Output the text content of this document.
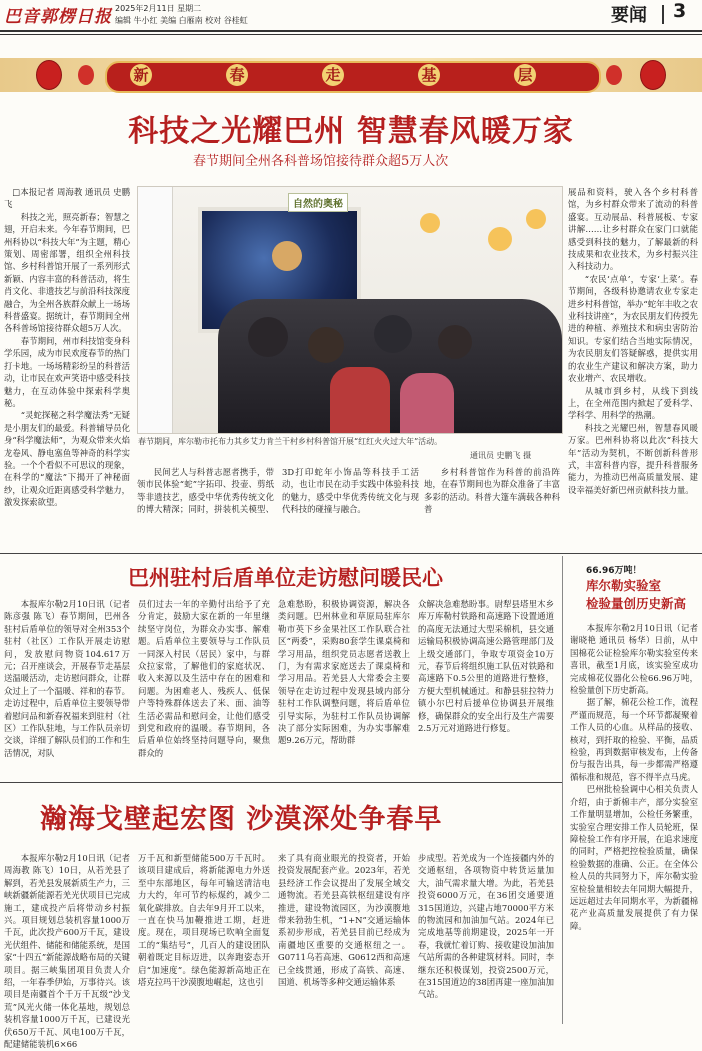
巴音郭楞日报 2025年2月11日 星期二
编辑 牛小红 美编 白雁南 校对 谷桂虹	要闻 3
新	春	走	基	层
科技之光耀巴州 智慧春风暖万家
春节期间全州各科普场馆接待群众超5万人次

□本报记者 周海教 通讯员 史鹏飞

科技之光，照亮新春；智慧之翅，开启未来。今年春节期间，巴州科协以“科技大年”为主题，精心策划、周密部署，组织全州科技馆、乡村科普馆开展了一系列形式新颖、内容丰富的科普活动，将生肖文化、非遗技艺与前沿科技深度融合，为全州各族群众献上一场场科普盛宴。据统计，春节期间全州各科普场馆接待群众超5万人次。

春节期间，州市科技馆变身科学乐园，成为市民欢度春节的热门打卡地。一场场精彩纷呈的科普活动，让市民在欢声笑语中感受科技魅力，在互动体验中探索科学奥秘。

“灵蛇探秘之科学魔法秀”无疑是小朋友们的最爱。科普辅导员化身“科学魔法师”，为观众带来火焰龙卷风、静电塞鱼等神奇的科学实验。一个个看似不可思议的现象，在科学的“魔法”下揭开了神秘面纱，让观众近距离感受科学魅力，激发探索欲望。

自然的奥秘
春节期间，库尔勒市托布力其乡艾力肯兰干村乡村科普馆开展“红红火火过大年”活动。
通讯员 史鹏飞 摄

民间艺人与科普志愿者携手，带领市民体验“蛇”字拓印、投壶、剪纸等非遗技艺，感受中华优秀传统文化的博大精深；同时，拼装机关模型、3D打印蛇年小饰品等科技手工活动，也让市民在动手实践中体验科技的魅力，感受中华优秀传统文化与现代科技的碰撞与融合。

乡村科普馆作为科普的前沿阵地，在春节期间也为群众准备了丰富多彩的活动。科普大篷车满载各种科普

展品和资料，驶入各个乡村科普馆，为乡村群众带来了流动的科普盛宴。互动展品、科普展板、专家讲解……让乡村群众在家门口就能感受到科技的魅力，了解最新的科技成果和农业技术，为乡村振兴注入科技动力。

“农民‘点单’，专家‘上菜’。春节期间，各级科协邀请农业专家走进乡村科普馆，举办“蛇年丰收之农业科技讲座”，为农民朋友们传授先进的种植、养殖技术和病虫害防治知识。专家们结合当地实际情况，为农民朋友们答疑解惑，提供实用的农业生产建议和解决方案，助力农业增产、农民增收。

从城市到乡村，从线下到线上，在全州范围内掀起了爱科学、学科学、用科学的热潮。

科技之光耀巴州，智慧春风暖万家。巴州科协将以此次“科技大年”活动为契机，不断创新科普形式，丰富科普内容，提升科普服务能力，为推动巴州高质量发展、建设幸福美好新巴州贡献科技力量。

巴州驻村后盾单位走访慰问暖民心

本报库尔勒2月10日讯（记者 陈彦强 陈飞）春节期间，巴州各驻村后盾单位的领导对全州353个驻村（社区）工作队开展走访慰问，发放慰问物资104.617万元；召开座谈会，开展春节走基层送温暖活动，走访慰问群众，让群众过上了一个温暖、祥和的春节。走访过程中，后盾单位主要领导带着慰问品和新春祝福来到驻村（社区）工作队驻地，与工作队员亲切交谈，详细了解队员们的工作和生活情况，对队

员们过去一年的辛勤付出给予了充分肯定，鼓励大家在新的一年里继续坚守岗位，为群众办实事、解难题。后盾单位主要领导与工作队员一同深入村民（居民）家中，与群众拉家常，了解他们的家庭状况、收入来源以及生活中存在的困难和问题。为困难老人、残疾人、低保户等特殊群体送去了米、面、油等生活必需品和慰问金，让他们感受到党和政府的温暖。春节期间，各后盾单位始终坚持问题导向，聚焦群众的

急难愁盼，积极协调资源，解决各类问题。巴州林业和草原局驻库尔勒市英下乡金果社区工作队联合社区“两委”，采购80套学生课桌椅和学习用品，组织党员志愿者送教上门，为有需求家庭送去了课桌椅和学习用品。若羌县人大常委会主要领导在走访过程中发现县域内部分驻村工作队调整问题，将后盾单位引导实际，为驻村工作队员协调解决了部分实际困难，为办实事解难题9.26万元，帮助群

众解决急难愁盼事。尉犁县塔里木乡库万库勒村铁路和高速路下设置通道的高度无法通过大型采棉机，县交通运输局积极协调高速公路管理部门及上级交通部门，争取专项资金10万元，春节后将组织施工队伍对铁路和高速路下0.5公里的道路进行整修，方便大型机械通过。和静县驻拉特力镇小尔巴村后援单位协调县开展维修，确保群众的安全出行及生产需要2.5万元对道路进行修复。

66.96万吨！
库尔勒实验室
检验量创历史新高

本报库尔勒2月10日讯（记者 谢晓艳 通讯员 杨华）日前，从中国棉花公证检验库尔勒实验室传来喜讯，截至1月底，该实验室成功完成棉花仪器化公检66.96万吨，检验量创下历史新高。

据了解，棉花公检工作，流程严谨而规范，每一个环节都凝聚着工作人员的心血。从样品的接收、核对，到扦取的检验、平衡，品质检验，再到数据审核发布，上传备份与报告出具，每一步都需严格遵循标准和规范，容不得半点马虎。

巴州批检验调中心相关负责人介绍，由于新棉丰产，部分实验室工作量明显增加，公检任务繁重，实验室合理安排工作人员轮班，保障检验工作有序开展，在追求速度的同时，严格把控检验质量，确保检验数据的准确、公正。在全体公检人员的共同努力下，库尔勒实验室检验量相较去年同期大幅提升，远远超过去年同期水平，为新疆棉花产业高质量发展提供了有力保障。

瀚海戈壁起宏图 沙漠深处争春早

本报库尔勒2月10日讯（记者 周海教 陈飞）10日，从若羌县了解到，若羌县发展新质生产力，三峡新疆新能源若羌光伏项目已完成施工，建成投产后将带动乡村振兴。项目规划总装机容量1000万千瓦，此次投产600万千瓦，建设光伏组件、储能和储能系统，是国家“十四五”新能源战略布局的关键项目。据三峡集团项目负责人介绍，一年春季伊始，万事待兴。该项目是南疆首个千万千瓦级“沙戈荒”风光火储一体化基地，规划总装机容量1000万千瓦，已建设光伏650万千瓦、风电100万千瓦，配建储能装机6×66

万千瓦和新型储能500万千瓦时。该项目建成后，将新能源电力外送至中东部地区，每年可输送清洁电力大约，年可节约标煤约，减少二氧化碳排放。自去年9月开工以来，一直在快马加鞭推进工期，赶进度。现在，项目现场已吹响全面复工的“集结号”，几百人的建设团队朝着既定目标迈进，以奔跑姿态开启“加速度”。绿色能源新高地正在塔克拉玛干沙漠腹地崛起，这也引

来了具有商业眼光的投资者，开始投资发展配套产业。2023年，若羌县经济工作会议提出了发展全域交通物流。若羌县高铁枢纽建设有序推进，建设物流园区，为沙漠腹地带来勃勃生机，“1+N”交通运输体系初步形成，若羌县目前已经成为南疆地区重要的交通枢纽之一。G0711乌若高速、G0612西和高速已全线贯通，形成了高铁、高速、国道、机场等多种交通运输体系

步成型。若羌成为一个连接疆内外的交通枢纽，各项物资中转货运量加大，油气需求量大增。为此，若羌县投资6000万元，在36团交通要道315国道边，兴建占地70000平方米的物流园和加油加气站。2024年已完成地基等前期建设，2025年一开春，我就忙着订购、接收建设加油加气站所需的各种建筑材料。同时，李继东还积极谋划，投资2500万元，在315国道边的38团再建一座加油加气站。
